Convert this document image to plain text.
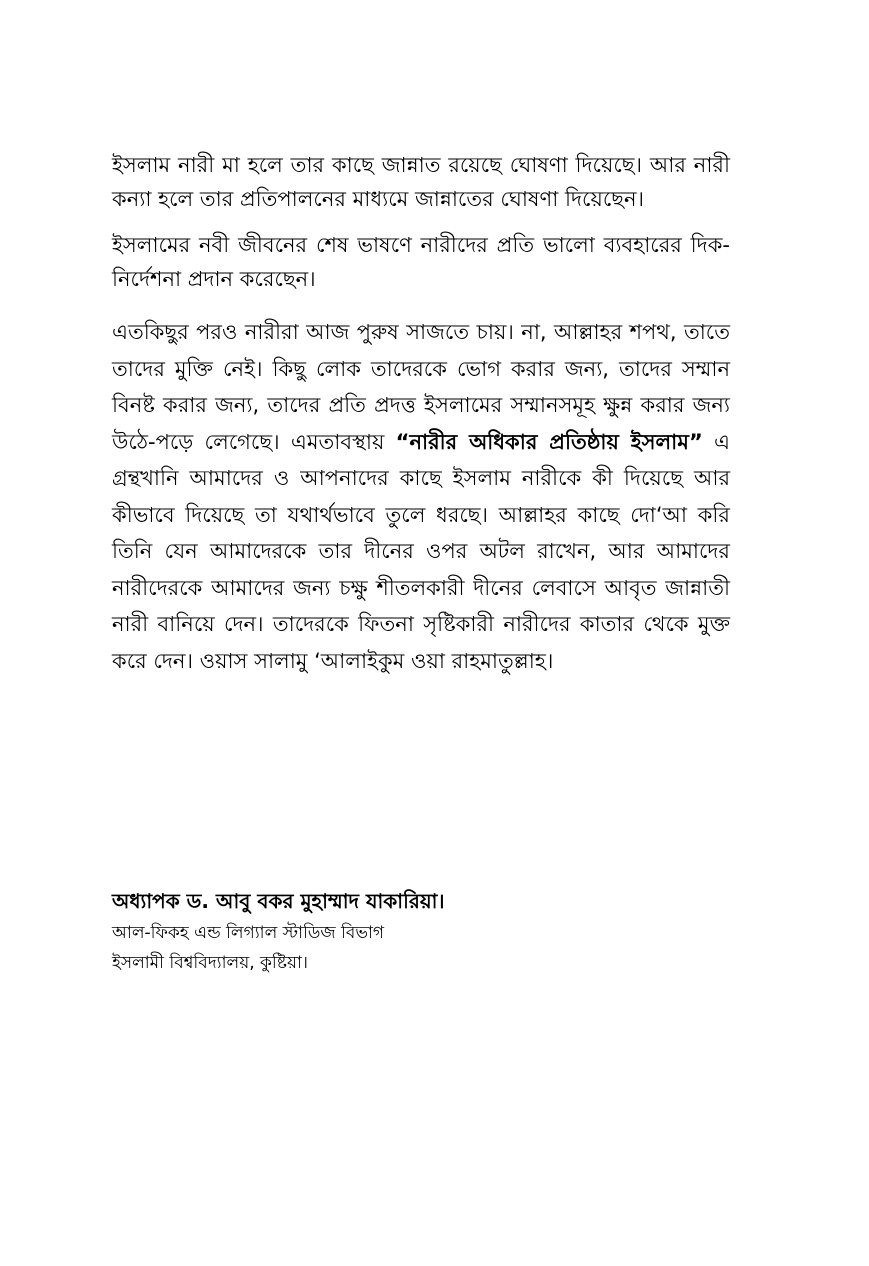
ইসলাম নারী মা হলে তার কাছে জান্নাত রয়েছে ঘোষণা দিয়েছে। আর নারী কন্যা হলে তার প্রতিপালনের মাধ্যমে জান্নাতের ঘোষণা দিয়েছেন।

ইসলামের নবী জীবনের শেষ ভাষণে নারীদের প্রতি ভালো ব্যবহারের দিক-নির্দেশনা প্রদান করেছেন।

এতকিছুর পরও নারীরা আজ পুরুষ সাজতে চায়। না, আল্লাহর শপথ, তাতে তাদের মুক্তি নেই। কিছু লোক তাদেরকে ভোগ করার জন্য, তাদের সম্মান বিনষ্ট করার জন্য, তাদের প্রতি প্রদত্ত ইসলামের সম্মানসমূহ ক্ষুন্ন করার জন্য উঠে-পড়ে লেগেছে। এমতাবস্থায় “নারীর অধিকার প্রতিষ্ঠায় ইসলাম” এ গ্রন্থখানি আমাদের ও আপনাদের কাছে ইসলাম নারীকে কী দিয়েছে আর কীভাবে দিয়েছে তা যথার্থভাবে তুলে ধরছে। আল্লাহর কাছে দো‘আ করি তিনি যেন আমাদেরকে তার দীনের ওপর অটল রাখেন, আর আমাদের নারীদেরকে আমাদের জন্য চক্ষু শীতলকারী দীনের লেবাসে আবৃত জান্নাতী নারী বানিয়ে দেন। তাদেরকে ফিতনা সৃষ্টিকারী নারীদের কাতার থেকে মুক্ত করে দেন। ওয়াস সালামু ‘আলাইকুম ওয়া রাহমাতুল্লাহ।

অধ্যাপক ড. আবু বকর মুহাম্মাদ যাকারিয়া।

আল-ফিকহ এন্ড লিগ্যাল স্টাডিজ বিভাগ

ইসলামী বিশ্ববিদ্যালয়, কুষ্টিয়া।
